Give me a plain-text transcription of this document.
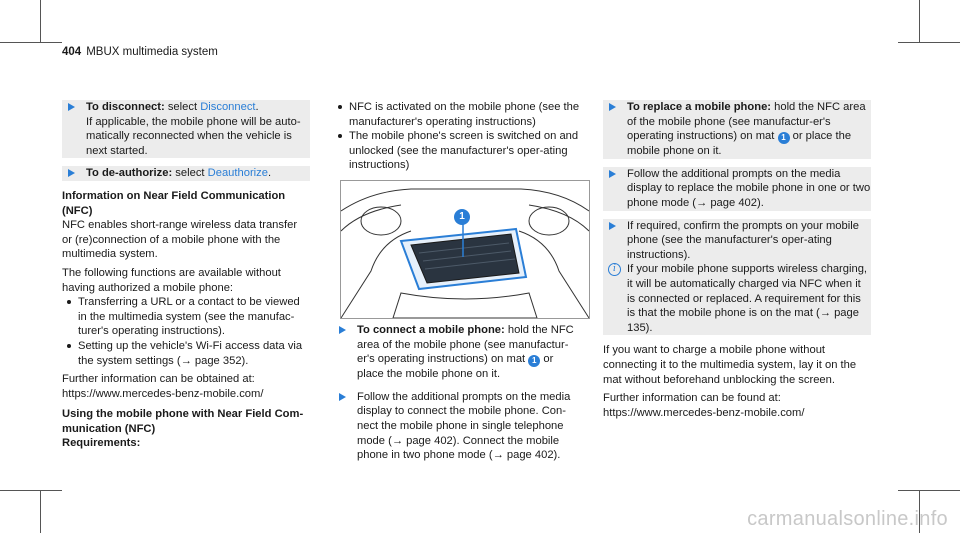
404 MBUX multimedia system

To disconnect: select Disconnect.

If applicable, the mobile phone will be auto-matically reconnected when the vehicle is next started.

To de-authorize: select Deauthorize.

Information on Near Field Communication (NFC)

NFC enables short-range wireless data transfer or (re)connection of a mobile phone with the multimedia system.

The following functions are available without having authorized a mobile phone:

Transferring a URL or a contact to be viewed in the multimedia system (see the manufac-turer's operating instructions).
Setting up the vehicle's Wi-Fi access data via the system settings (→ page 352).

Further information can be obtained at: https://www.mercedes-benz-mobile.com/

Using the mobile phone with Near Field Com-munication (NFC)

Requirements:

NFC is activated on the mobile phone (see the manufacturer's operating instructions)
The mobile phone's screen is switched on and unlocked (see the manufacturer's oper-ating instructions)
1

To connect a mobile phone: hold the NFC area of the mobile phone (see manufactur-er's operating instructions) on mat 1 or place the mobile phone on it.

Follow the additional prompts on the media display to connect the mobile phone. Con-nect the mobile phone in single telephone mode (→ page 402). Connect the mobile phone in two phone mode (→ page 402).

To replace a mobile phone: hold the NFC area of the mobile phone (see manufactur-er's operating instructions) on mat 1 or place the mobile phone on it.

Follow the additional prompts on the media display to replace the mobile phone in one or two phone mode (→ page 402).

If required, confirm the prompts on your mobile phone (see the manufacturer's oper-ating instructions).

i If your mobile phone supports wireless charging, it will be automatically charged via NFC when it is connected or replaced. A requirement for this is that the mobile phone is on the mat (→ page 135).

If you want to charge a mobile phone without connecting it to the multimedia system, lay it on the mat without beforehand unblocking the screen.

Further information can be found at: https://www.mercedes-benz-mobile.com/

carmanualsonline.info
